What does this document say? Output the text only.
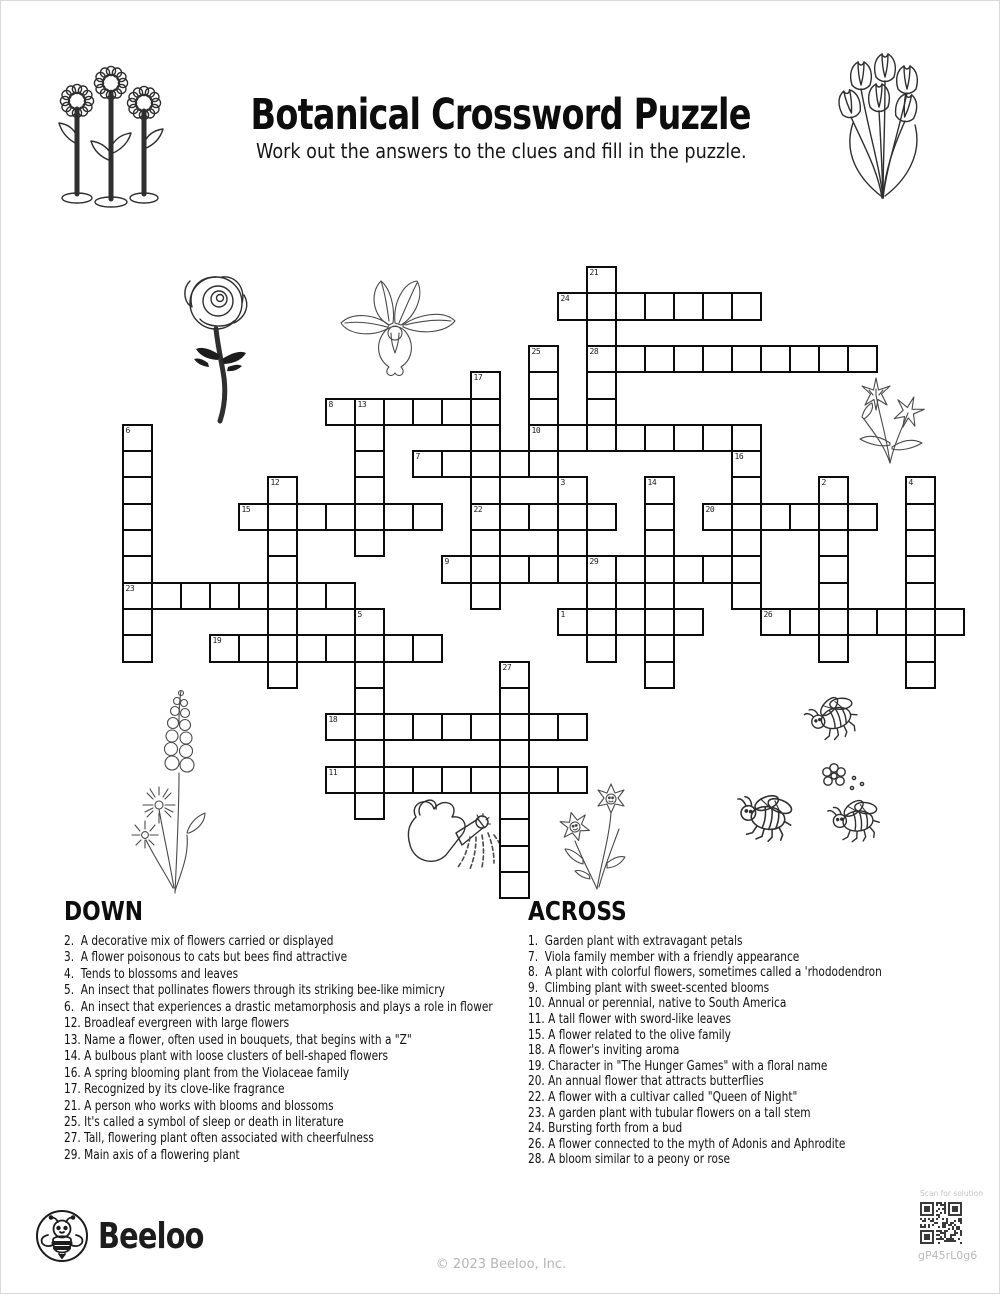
Botanical Crossword Puzzle
Work out the answers to the clues and fill in the puzzle.
1
7
8	13
9	29
10
11
15
18
19
20
22
23
24
26
28
2
3	4
5
6
12	14
16
17
21
25
27
DOWN
2.  A decorative mix of flowers carried or displayed
3.  A flower poisonous to cats but bees find attractive
4.  Tends to blossoms and leaves
5.  An insect that pollinates flowers through its striking bee-like mimicry
6.  An insect that experiences a drastic metamorphosis and plays a role in flower
12. Broadleaf evergreen with large flowers
13. Name a flower, often used in bouquets, that begins with a "Z"
14. A bulbous plant with loose clusters of bell-shaped flowers
16. A spring blooming plant from the Violaceae family
17. Recognized by its clove-like fragrance
21. A person who works with blooms and blossoms
25. It's called a symbol of sleep or death in literature
27. Tall, flowering plant often associated with cheerfulness
29. Main axis of a flowering plant
ACROSS
1.  Garden plant with extravagant petals
7.  Viola family member with a friendly appearance
8.  A plant with colorful flowers, sometimes called a 'rhododendron
9.  Climbing plant with sweet-scented blooms
10. Annual or perennial, native to South America
11. A tall flower with sword-like leaves
15. A flower related to the olive family
18. A flower's inviting aroma
19. Character in "The Hunger Games" with a floral name
20. An annual flower that attracts butterflies
22. A flower with a cultivar called "Queen of Night"
23. A garden plant with tubular flowers on a tall stem
24. Bursting forth from a bud
26. A flower connected to the myth of Adonis and Aphrodite
28. A bloom similar to a peony or rose
Beeloo
© 2023 Beeloo, Inc.
Scan for solution
gP45rL0g6
